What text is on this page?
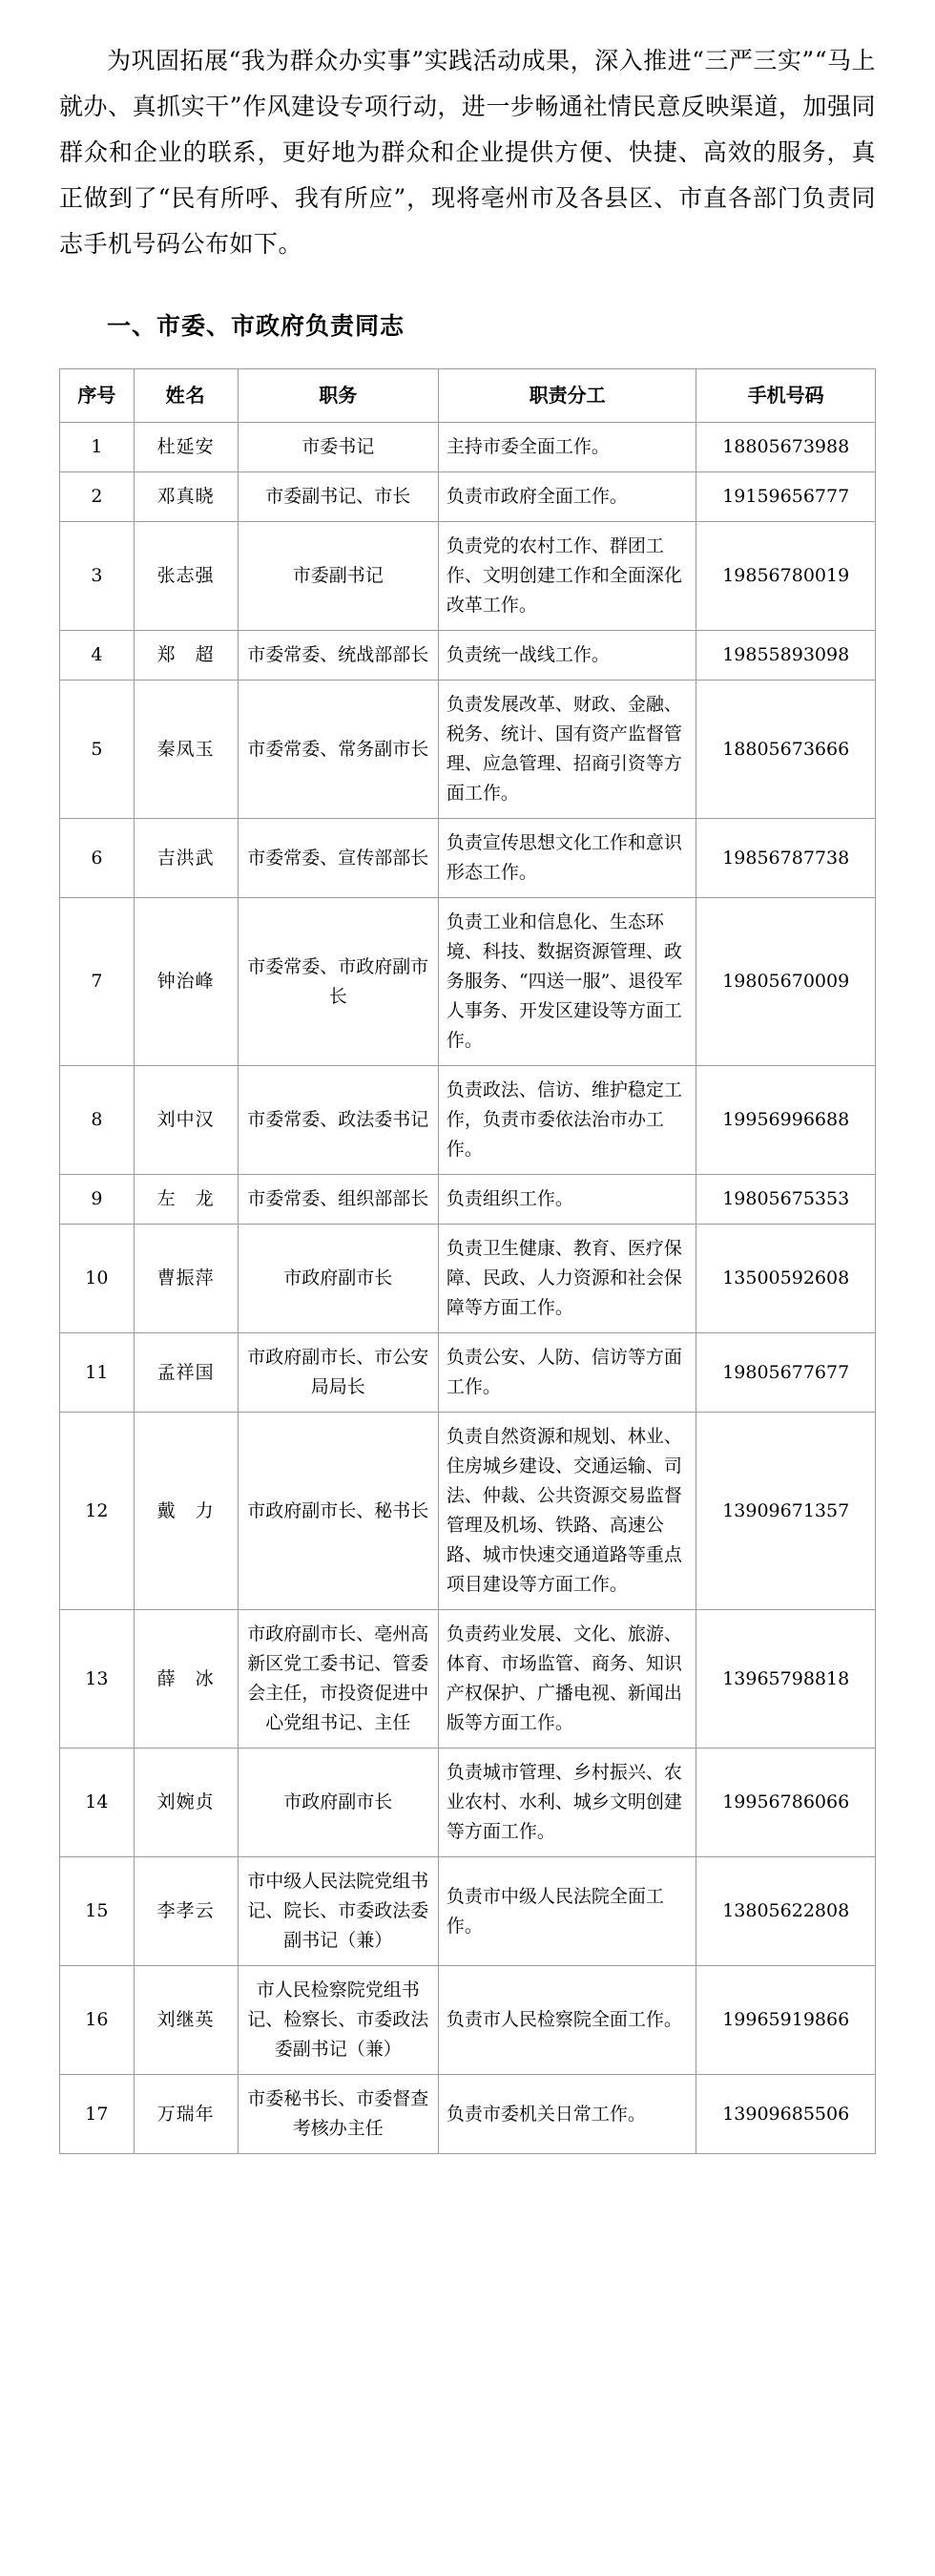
为巩固拓展“我为群众办实事”实践活动成果，深入推进“三严三实”“马上就办、真抓实干”作风建设专项行动，进一步畅通社情民意反映渠道，加强同群众和企业的联系，更好地为群众和企业提供方便、快捷、高效的服务，真正做到了“民有所呼、我有所应”，现将亳州市及各县区、市直各部门负责同志手机号码公布如下。

一、市委、市政府负责同志
序号	姓名	职务	职责分工	手机号码
1	杜延安	市委书记	主持市委全面工作。	18805673988
2	邓真晓	市委副书记、市长	负责市政府全面工作。	19159656777
3	张志强	市委副书记	负责党的农村工作、群团工作、文明创建工作和全面深化改革工作。	19856780019
4	郑　超	市委常委、统战部部长	负责统一战线工作。	19855893098
5	秦凤玉	市委常委、常务副市长	负责发展改革、财政、金融、税务、统计、国有资产监督管理、应急管理、招商引资等方面工作。	18805673666
6	吉洪武	市委常委、宣传部部长	负责宣传思想文化工作和意识形态工作。	19856787738
7	钟治峰	市委常委、市政府副市长	负责工业和信息化、生态环境、科技、数据资源管理、政务服务、“四送一服”、退役军人事务、开发区建设等方面工作。	19805670009
8	刘中汉	市委常委、政法委书记	负责政法、信访、维护稳定工作，负责市委依法治市办工作。	19956996688
9	左　龙	市委常委、组织部部长	负责组织工作。	19805675353
10	曹振萍	市政府副市长	负责卫生健康、教育、医疗保障、民政、人力资源和社会保障等方面工作。	13500592608
11	孟祥国	市政府副市长、市公安局局长	负责公安、人防、信访等方面工作。	19805677677
12	戴　力	市政府副市长、秘书长	负责自然资源和规划、林业、住房城乡建设、交通运输、司法、仲裁、公共资源交易监督管理及机场、铁路、高速公路、城市快速交通道路等重点项目建设等方面工作。	13909671357
13	薛　冰	市政府副市长、亳州高新区党工委书记、管委会主任，市投资促进中心党组书记、主任	负责药业发展、文化、旅游、体育、市场监管、商务、知识产权保护、广播电视、新闻出版等方面工作。	13965798818
14	刘婉贞	市政府副市长	负责城市管理、乡村振兴、农业农村、水利、城乡文明创建等方面工作。	19956786066
15	李孝云	市中级人民法院党组书记、院长、市委政法委副书记（兼）	负责市中级人民法院全面工作。	13805622808
16	刘继英	市人民检察院党组书记、检察长、市委政法委副书记（兼）	负责市人民检察院全面工作。	19965919866
17	万瑞年	市委秘书长、市委督查考核办主任	负责市委机关日常工作。	13909685506
